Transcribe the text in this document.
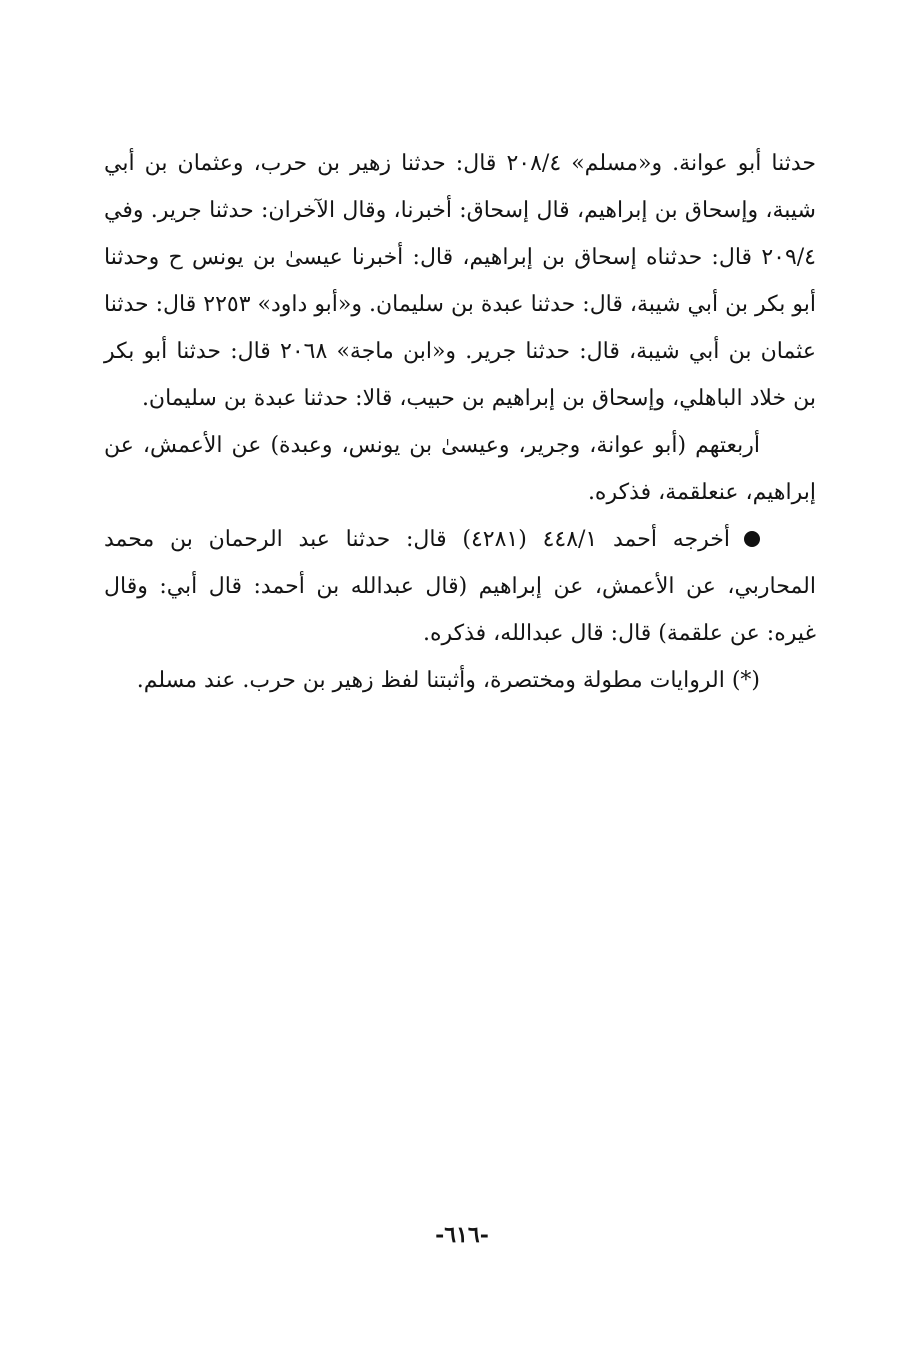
حدثنا أبو عوانة. و«مسلم» ٢٠٨/٤ قال: حدثنا زهير بن حرب، وعثمان بن أبي شيبة، وإسحاق بن إبراهيم، قال إسحاق: أخبرنا، وقال الآخران: حدثنا جرير. وفي ٢٠٩/٤ قال: حدثناه إسحاق بن إبراهيم، قال: أخبرنا عيسىٰ بن يونس ح وحدثنا أبو بكر بن أبي شيبة، قال: حدثنا عبدة بن سليمان. و«أبو داود» ٢٢٥٣ قال: حدثنا عثمان بن أبي شيبة، قال: حدثنا جرير. و«ابن ماجة» ٢٠٦٨ قال: حدثنا أبو بكر بن خلاد الباهلي، وإسحاق بن إبراهيم بن حبيب، قالا: حدثنا عبدة بن سليمان.

أربعتهم (أبو عوانة، وجرير، وعيسىٰ بن يونس، وعبدة) عن الأعمش، عن إبراهيم، عنعلقمة، فذكره.

أخرجه أحمد ٤٤٨/١ (٤٢٨١) قال: حدثنا عبد الرحمان بن محمد المحاربي، عن الأعمش، عن إبراهيم (قال عبدالله بن أحمد: قال أبي: وقال غيره: عن علقمة) قال: قال عبدالله، فذكره.

(*) الروايات مطولة ومختصرة، وأثبتنا لفظ زهير بن حرب. عند مسلم.

-٦١٦-
